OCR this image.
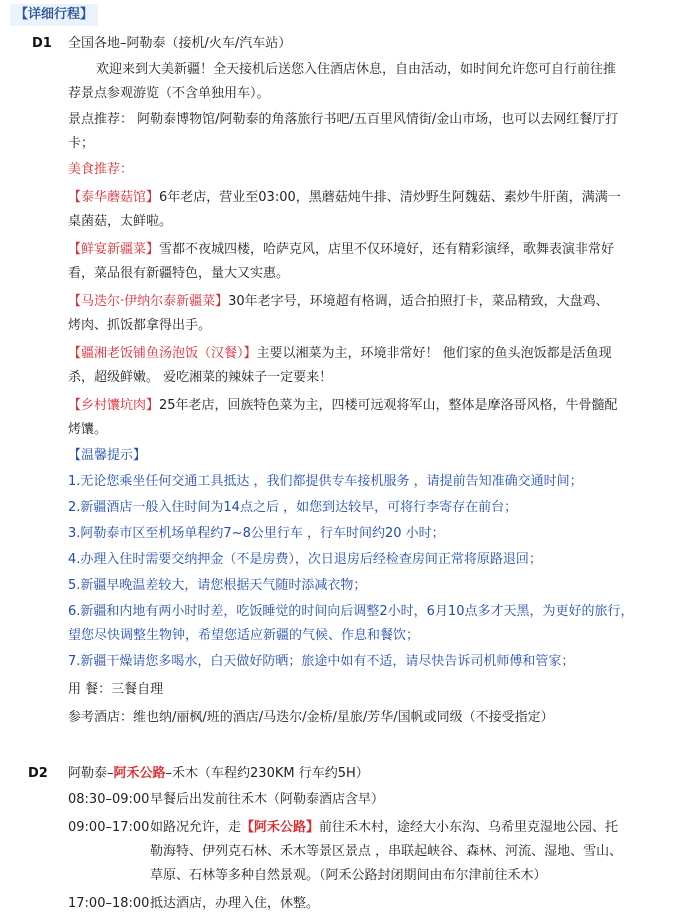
【详细行程】
D1 全国各地–阿勒泰（接机/火车/汽车站）
欢迎来到大美新疆！全天接机后送您入住酒店休息，自由活动，如时间允许您可自行前往推
荐景点参观游览（不含单独用车）。
景点推荐： 阿勒泰博物馆/阿勒泰的角落旅行书吧/五百里风情街/金山市场，也可以去网红餐厅打
卡；
美食推荐：
【泰华蘑菇馆】6年老店，营业至03:00，黑蘑菇炖牛排、清炒野生阿魏菇、素炒牛肝菌，满满一
桌菌菇，太鲜啦。
【鲜宴新疆菜】雪都不夜城四楼，哈萨克风，店里不仅环境好，还有精彩演绎，歌舞表演非常好
看，菜品很有新疆特色，量大又实惠。
【马迭尔·伊纳尔泰新疆菜】30年老字号，环境超有格调，适合拍照打卡，菜品精致，大盘鸡、
烤肉、抓饭都拿得出手。
【疆湘老饭铺鱼汤泡饭（汉餐）】主要以湘菜为主，环境非常好！ 他们家的鱼头泡饭都是活鱼现
杀，超级鲜嫩。 爱吃湘菜的辣妹子一定要来！
【乡村馕坑肉】25年老店，回族特色菜为主，四楼可远观将军山，整体是摩洛哥风格，牛骨髓配
烤馕。
【温馨提示】
1.无论您乘坐任何交通工具抵达 ，我们都提供专车接机服务 ，请提前告知准确交通时间；
2.新疆酒店一般入住时间为14点之后 ，如您到达较早，可将行李寄存在前台；
3.阿勒泰市区至机场单程约7~8公里行车 ，行车时间约20 小时；
4.办理入住时需要交纳押金（不是房费），次日退房后经检查房间正常将原路退回；
5.新疆早晚温差较大，请您根据天气随时添减衣物；
6.新疆和内地有两小时时差，吃饭睡觉的时间向后调整2小时，6月10点多才天黑，为更好的旅行，
望您尽快调整生物钟，希望您适应新疆的气候、作息和餐饮；
7.新疆干燥请您多喝水，白天做好防晒；旅途中如有不适，请尽快告诉司机师傅和管家；
用 餐：三餐自理
参考酒店：维也纳/丽枫/班的酒店/马迭尔/金桥/星旅/芳华/国帆或同级（不接受指定）
D2 阿勒泰–阿禾公路–禾木（车程约230KM 行车约5H）
08:30–09:00 早餐后出发前往禾木（阿勒泰酒店含早）
09:00–17:00 如路况允许，走【阿禾公路】前往禾木村，途经大小东沟、乌希里克湿地公园、托
勒海特、伊列克石林、禾木等景区景点 ，串联起峡谷、森林、河流、湿地、雪山、
草原、石林等多种自然景观。（阿禾公路封闭期间由布尔津前往禾木）
17:00–18:00 抵达酒店，办理入住，休整。
